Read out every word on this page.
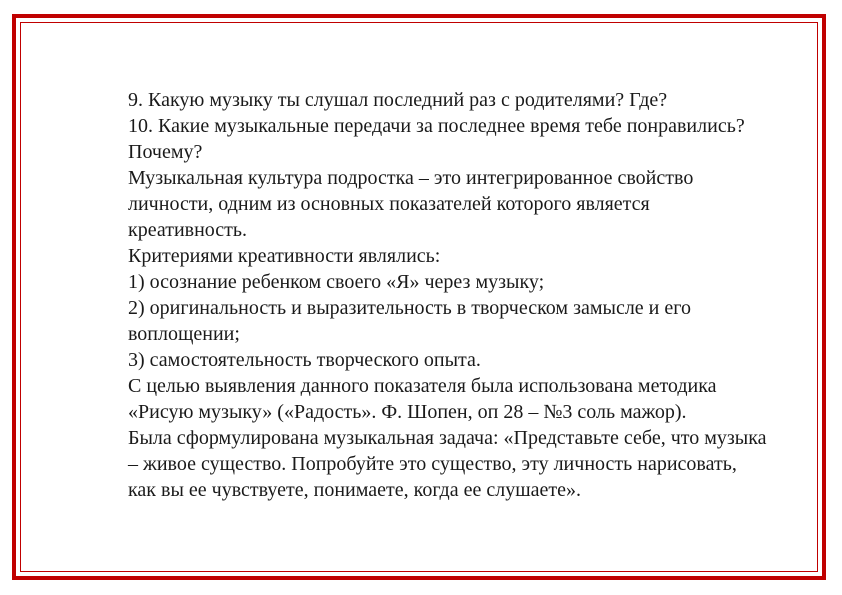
9. Какую музыку ты слушал последний раз с родителями? Где?

10. Какие музыкальные передачи за последнее время тебе понравились? Почему?

Музыкальная культура подростка – это интегрированное свойство личности, одним из основных показателей которого является креативность.

Критериями креативности являлись:

1) осознание ребенком своего «Я» через музыку;

2) оригинальность и выразительность в творческом замысле и его воплощении;

3) самостоятельность творческого опыта.

С целью выявления данного показателя была использована методика «Рисую музыку» («Радость». Ф. Шопен, оп 28 – №3 соль мажор).

Была сформулирована музыкальная задача: «Представьте себе, что музыка – живое существо. Попробуйте это существо, эту личность нарисовать, как вы ее чувствуете, понимаете, когда ее слушаете».
